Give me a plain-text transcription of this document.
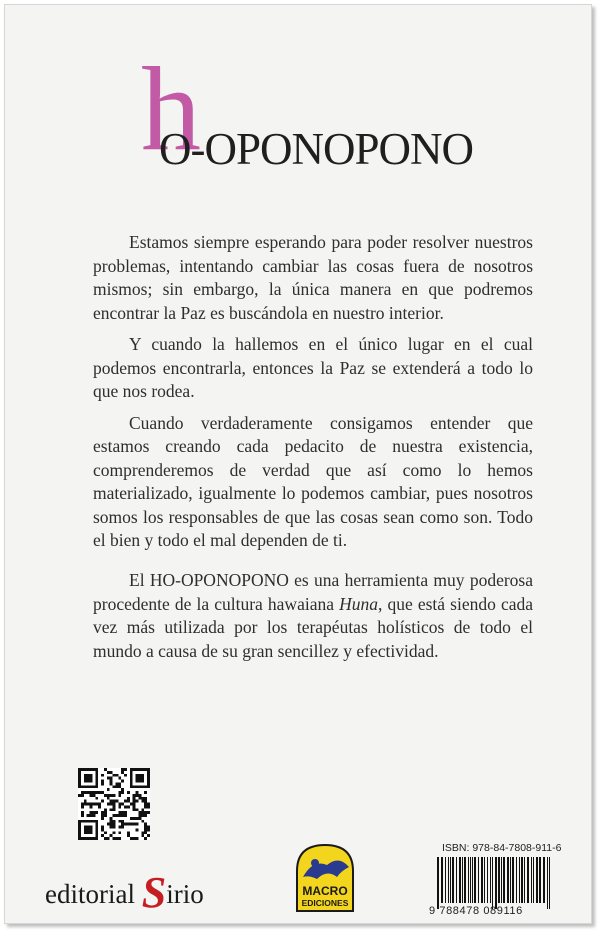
h
O-OPONOPONO

Estamos siempre esperando para poder resolver nuestros problemas, intentando cambiar las cosas fuera de nosotros mismos; sin embargo, la única manera en que podremos encontrar la Paz es buscándola en nuestro interior.

Y cuando la hallemos en el único lugar en el cual podemos encontrarla, entonces la Paz se extenderá a todo lo que nos rodea.

Cuando verdaderamente consigamos entender que estamos creando cada pedacito de nuestra existencia, comprenderemos de verdad que así como lo hemos materializado, igualmente lo podemos cambiar, pues nosotros somos los responsables de que las cosas sean como son. Todo el bien y todo el mal dependen de ti.

El HO-OPONOPONO es una herramienta muy poderosa procedente de la cultura hawaiana Huna, que está siendo cada vez más utilizada por los terapéutas holísticos de todo el mundo a causa de su gran sencillez y efectividad.

editorial Sirio	MACRO
EDICIONES
ISBN: 978-84-7808-911-6
9 788478 089116
